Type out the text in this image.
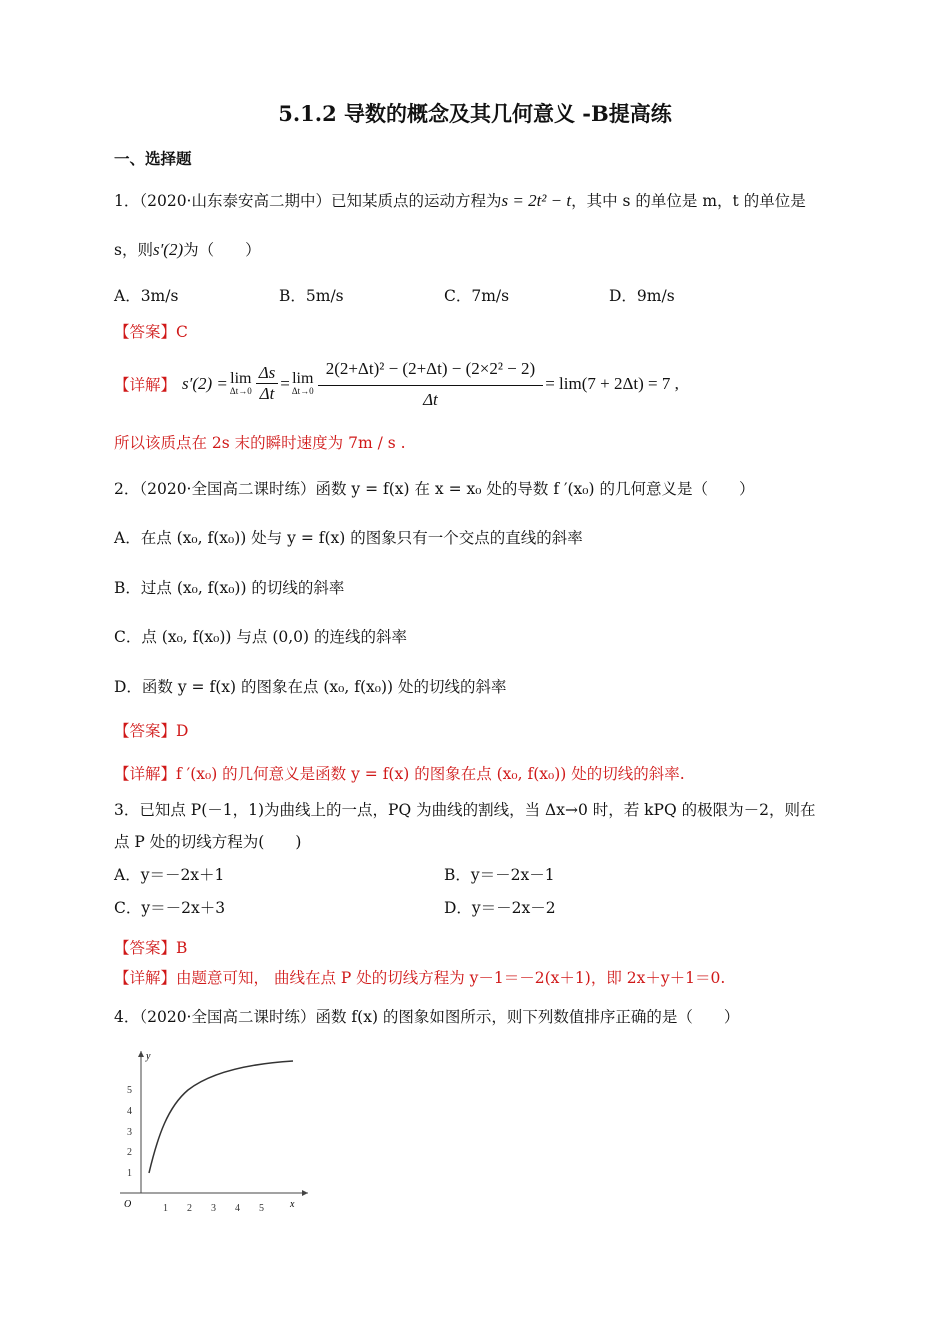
5.1.2 导数的概念及其几何意义 -B提高练
一、选择题
1．（2020·山东泰安高二期中）已知某质点的运动方程为s = 2t² − t，其中 s 的单位是 m，t 的单位是
s，则s′(2)为（　　）
A．3m/s	B．5m/s	C．7m/s	D．9m/s
【答案】C
【详解】 s′(2) = lim
$\Delta t\to 0 \frac{\Delta s}{\Delta t} = \lim$
$\Delta t\to 0 \frac{\text{2(2+Δt)² − (2+Δt) − (2×2² − 2)}}{\Delta t} = \lim(7 + 2\Delta t) = 7$ ,
所以该质点在 2s 末的瞬时速度为 7m / s .
2．（2020·全国高二课时练）函数 y = f(x) 在 x = x₀ 处的导数 f ′(x₀) 的几何意义是（　　）
A．在点 (x₀, f(x₀)) 处与 y = f(x) 的图象只有一个交点的直线的斜率
B．过点 (x₀, f(x₀)) 的切线的斜率
C．点 (x₀, f(x₀)) 与点 (0,0) 的连线的斜率
D．函数 y = f(x) 的图象在点 (x₀, f(x₀)) 处的切线的斜率
【答案】D
【详解】f ′(x₀) 的几何意义是函数 y = f(x) 的图象在点 (x₀, f(x₀)) 处的切线的斜率.
3．已知点 P(－1，1)为曲线上的一点，PQ 为曲线的割线，当 Δx→0 时，若 kPQ 的极限为－2，则在
点 P 处的切线方程为(　　)
A．y＝－2x＋1	B．y＝－2x－1
C．y＝－2x＋3	D．y＝－2x－2
【答案】B
【详解】由题意可知， 曲线在点 P 处的切线方程为 y－1＝－2(x＋1)，即 2x＋y＋1＝0.
4．（2020·全国高二课时练）函数 f(x) 的图象如图所示，则下列数值排序正确的是（　　）
y
x
O
1
2
3
4
5
1 2 3 4 5
